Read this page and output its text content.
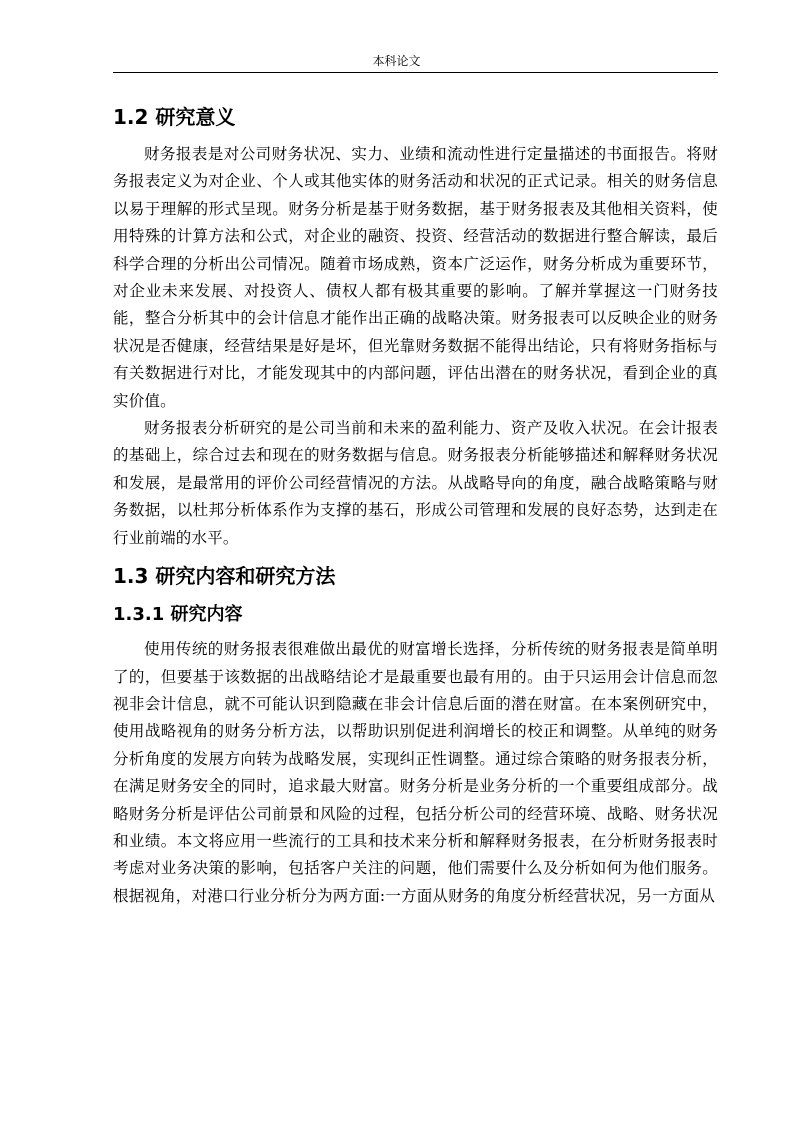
本科论文
1.2 研究意义

财务报表是对公司财务状况、实力、业绩和流动性进行定量描述的书面报告。将财务报表定义为对企业、个人或其他实体的财务活动和状况的正式记录。相关的财务信息以易于理解的形式呈现。财务分析是基于财务数据，基于财务报表及其他相关资料，使用特殊的计算方法和公式，对企业的融资、投资、经营活动的数据进行整合解读，最后科学合理的分析出公司情况。随着市场成熟，资本广泛运作，财务分析成为重要环节，对企业未来发展、对投资人、债权人都有极其重要的影响。了解并掌握这一门财务技能，整合分析其中的会计信息才能作出正确的战略决策。财务报表可以反映企业的财务状况是否健康，经营结果是好是坏，但光靠财务数据不能得出结论，只有将财务指标与有关数据进行对比，才能发现其中的内部问题，评估出潜在的财务状况，看到企业的真实价值。

财务报表分析研究的是公司当前和未来的盈利能力、资产及收入状况。在会计报表的基础上，综合过去和现在的财务数据与信息。财务报表分析能够描述和解释财务状况和发展，是最常用的评价公司经营情况的方法。从战略导向的角度，融合战略策略与财务数据，以杜邦分析体系作为支撑的基石，形成公司管理和发展的良好态势，达到走在行业前端的水平。

1.3 研究内容和研究方法
1.3.1 研究内容

使用传统的财务报表很难做出最优的财富增长选择，分析传统的财务报表是简单明了的，但要基于该数据的出战略结论才是最重要也最有用的。由于只运用会计信息而忽视非会计信息，就不可能认识到隐藏在非会计信息后面的潜在财富。在本案例研究中，使用战略视角的财务分析方法，以帮助识别促进利润增长的校正和调整。从单纯的财务分析角度的发展方向转为战略发展，实现纠正性调整。通过综合策略的财务报表分析，在满足财务安全的同时，追求最大财富。财务分析是业务分析的一个重要组成部分。战略财务分析是评估公司前景和风险的过程，包括分析公司的经营环境、战略、财务状况和业绩。本文将应用一些流行的工具和技术来分析和解释财务报表，在分析财务报表时考虑对业务决策的影响，包括客户关注的问题，他们需要什么及分析如何为他们服务。根据视角，对港口行业分析分为两方面:一方面从财务的角度分析经营状况，另一方面从
